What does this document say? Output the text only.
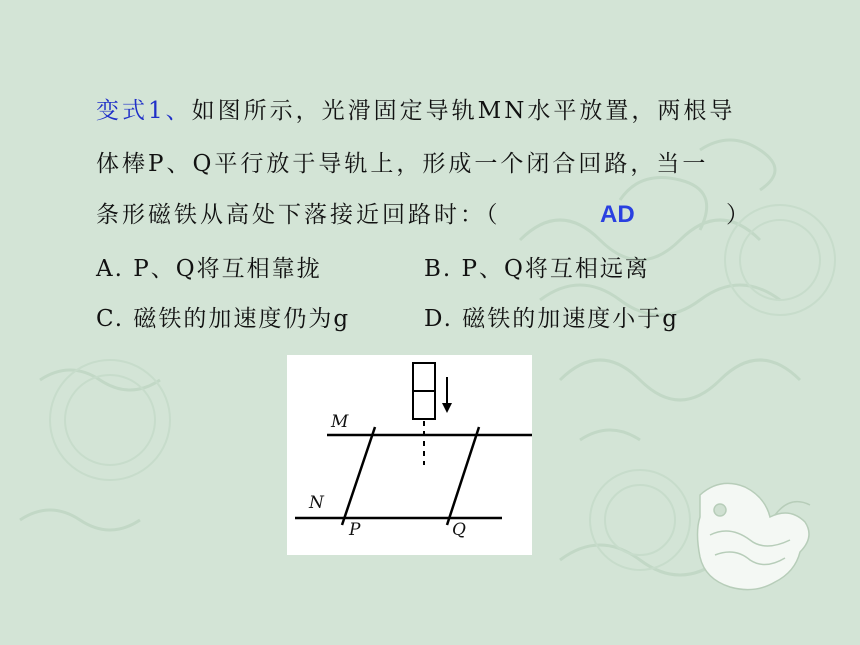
变式1、如图所示，光滑固定导轨MN水平放置，两根导
体棒P、Q平行放于导轨上，形成一个闭合回路，当一
条形磁铁从高处下落接近回路时：（	AD	）
A. P、Q将互相靠拢	B. P、Q将互相远离
C. 磁铁的加速度仍为g	D. 磁铁的加速度小于g
M
N
P	Q
